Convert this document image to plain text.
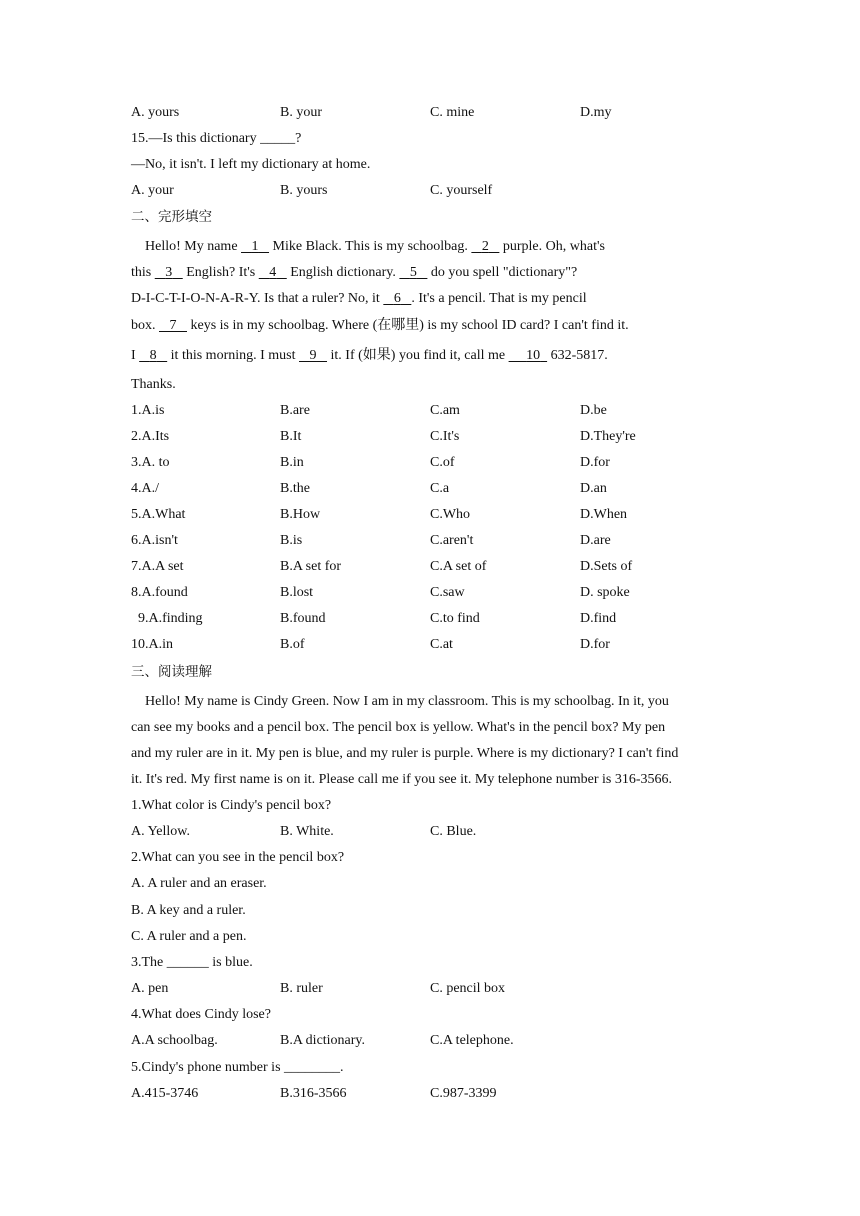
A. yours	B. your	C. mine	D.my
15.—Is this dictionary _____?
—No, it isn't. I left my dictionary at home.
A. your	B. yours	C. yourself
二、完形填空
Hello! My name    1    Mike Black. This is my schoolbag.    2    purple. Oh, what's
this    3    English? It's    4    English dictionary.    5    do you spell "dictionary"?
D-I-C-T-I-O-N-A-R-Y. Is that a ruler? No, it    6 . It's a pencil. That is my pencil
box.    7    keys is in my schoolbag. Where (在哪里) is my school ID card? I can't find it.
I    8    it this morning. I must    9    it. If (如果) you find it, call me      10   632-5817.
Thanks.
1.A.is	B.are	C.am	D.be
2.A.Its	B.It	C.It's	D.They're
3.A. to	B.in	C.of	D.for
4.A./	B.the	C.a	D.an
5.A.What	B.How	C.Who	D.When
6.A.isn't	B.is	C.aren't	D.are
7.A.A set	B.A set for	C.A set of	D.Sets of
8.A.found	B.lost	C.saw	D. spoke
9.A.finding	B.found	C.to find	D.find
10.A.in	B.of	C.at	D.for
三、阅读理解
Hello! My name is Cindy Green. Now I am in my classroom. This is my schoolbag. In it, you
can see my books and a pencil box. The pencil box is yellow. What's in the pencil box? My pen
and my ruler are in it. My pen is blue, and my ruler is purple. Where is my dictionary? I can't find
it. It's red. My first name is on it. Please call me if you see it. My telephone number is 316-3566.
1.What color is Cindy's pencil box?
A. Yellow.	B. White.	C. Blue.
2.What can you see in the pencil box?
A. A ruler and an eraser.
B. A key and a ruler.
C. A ruler and a pen.
3.The ______ is blue.
A. pen	B. ruler	C. pencil box
4.What does Cindy lose?
A.A schoolbag.	B.A dictionary.	C.A telephone.
5.Cindy's phone number is ________.
A.415-3746	B.316-3566	C.987-3399
